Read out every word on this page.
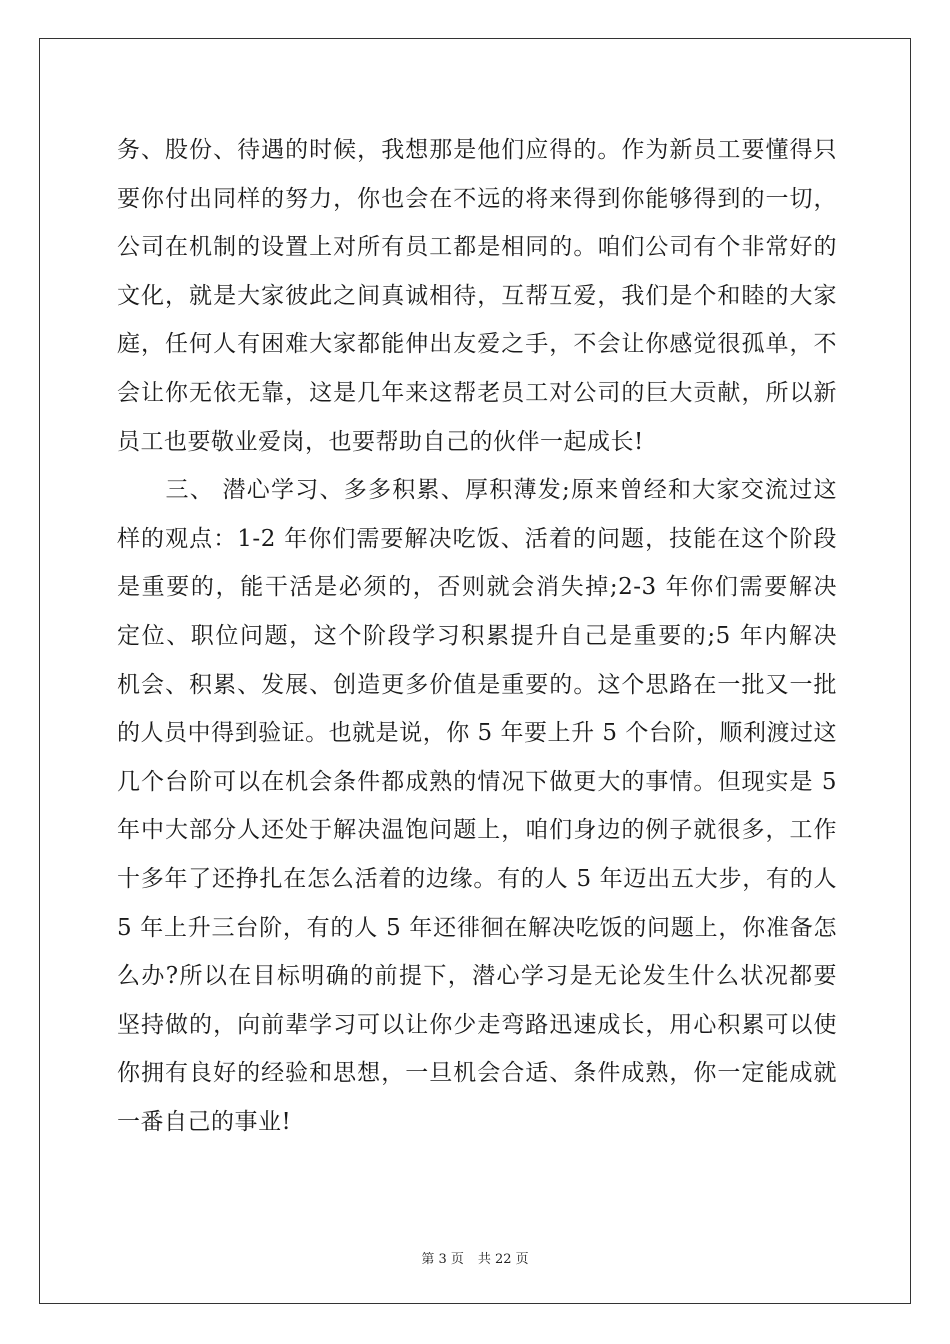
务、股份、待遇的时候，我想那是他们应得的。作为新员工要懂得只
要你付出同样的努力，你也会在不远的将来得到你能够得到的一切，
公司在机制的设置上对所有员工都是相同的。咱们公司有个非常好的
文化，就是大家彼此之间真诚相待，互帮互爱，我们是个和睦的大家
庭，任何人有困难大家都能伸出友爱之手，不会让你感觉很孤单，不
会让你无依无靠，这是几年来这帮老员工对公司的巨大贡献，所以新
员工也要敬业爱岗，也要帮助自己的伙伴一起成长!
　　三、 潜心学习、多多积累、厚积薄发;原来曾经和大家交流过这
样的观点：1-2 年你们需要解决吃饭、活着的问题，技能在这个阶段
是重要的，能干活是必须的，否则就会消失掉;2-3 年你们需要解决
定位、职位问题，这个阶段学习积累提升自己是重要的;5 年内解决
机会、积累、发展、创造更多价值是重要的。这个思路在一批又一批
的人员中得到验证。也就是说，你 5 年要上升 5 个台阶，顺利渡过这
几个台阶可以在机会条件都成熟的情况下做更大的事情。但现实是 5
年中大部分人还处于解决温饱问题上，咱们身边的例子就很多，工作
十多年了还挣扎在怎么活着的边缘。有的人 5 年迈出五大步，有的人
5 年上升三台阶，有的人 5 年还徘徊在解决吃饭的问题上，你准备怎
么办?所以在目标明确的前提下，潜心学习是无论发生什么状况都要
坚持做的，向前辈学习可以让你少走弯路迅速成长，用心积累可以使
你拥有良好的经验和思想，一旦机会合适、条件成熟，你一定能成就
一番自己的事业!
第 3 页 共 22 页
